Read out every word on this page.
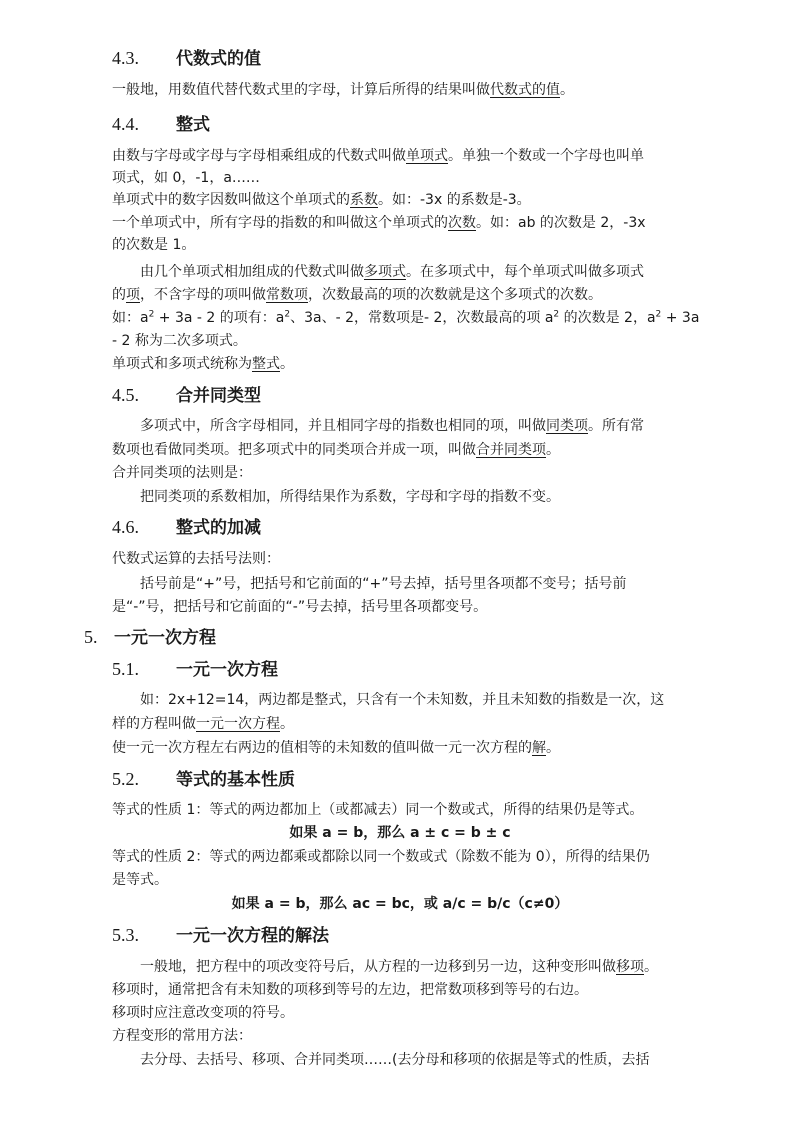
4.3. 代数式的值
一般地，用数值代替代数式里的字母，计算后所得的结果叫做代数式的值。
4.4. 整式
由数与字母或字母与字母相乘组成的代数式叫做单项式。单独一个数或一个字母也叫单
项式，如 0，-1，a……
单项式中的数字因数叫做这个单项式的系数。如：-3x 的系数是-3。
一个单项式中，所有字母的指数的和叫做这个单项式的次数。如：ab 的次数是 2，-3x
的次数是 1。
由几个单项式相加组成的代数式叫做多项式。在多项式中，每个单项式叫做多项式
的项，不含字母的项叫做常数项，次数最高的项的次数就是这个多项式的次数。
如：$a^2 + 3a - 2$ 的项有：$a^2$、3a、- 2，常数项是- 2，次数最高的项 $a^2$ 的次数是 2，$a^2 + 3a$
- 2 称为二次多项式。
单项式和多项式统称为整式。
4.5. 合并同类型
多项式中，所含字母相同，并且相同字母的指数也相同的项，叫做同类项。所有常
数项也看做同类项。把多项式中的同类项合并成一项，叫做合并同类项。
合并同类项的法则是：
把同类项的系数相加，所得结果作为系数，字母和字母的指数不变。
4.6. 整式的加减
代数式运算的去括号法则：
括号前是“+”号，把括号和它前面的“+”号去掉，括号里各项都不变号；括号前
是“-”号，把括号和它前面的“-”号去掉，括号里各项都变号。
5. 一元一次方程
5.1. 一元一次方程
如：2x+12=14，两边都是整式，只含有一个未知数，并且未知数的指数是一次，这
样的方程叫做一元一次方程。
使一元一次方程左右两边的值相等的未知数的值叫做一元一次方程的解。
5.2. 等式的基本性质
等式的性质 1：等式的两边都加上（或都减去）同一个数或式，所得的结果仍是等式。
如果 a = b，那么 a ± c = b ± c
等式的性质 2：等式的两边都乘或都除以同一个数或式（除数不能为 0），所得的结果仍
是等式。
如果 a = b，那么 ac = bc，或 a/c = b/c（c≠0）
5.3. 一元一次方程的解法
一般地，把方程中的项改变符号后，从方程的一边移到另一边，这种变形叫做移项。
移项时，通常把含有未知数的项移到等号的左边，把常数项移到等号的右边。
移项时应注意改变项的符号。
方程变形的常用方法：
去分母、去括号、移项、合并同类项……(去分母和移项的依据是等式的性质，去括
